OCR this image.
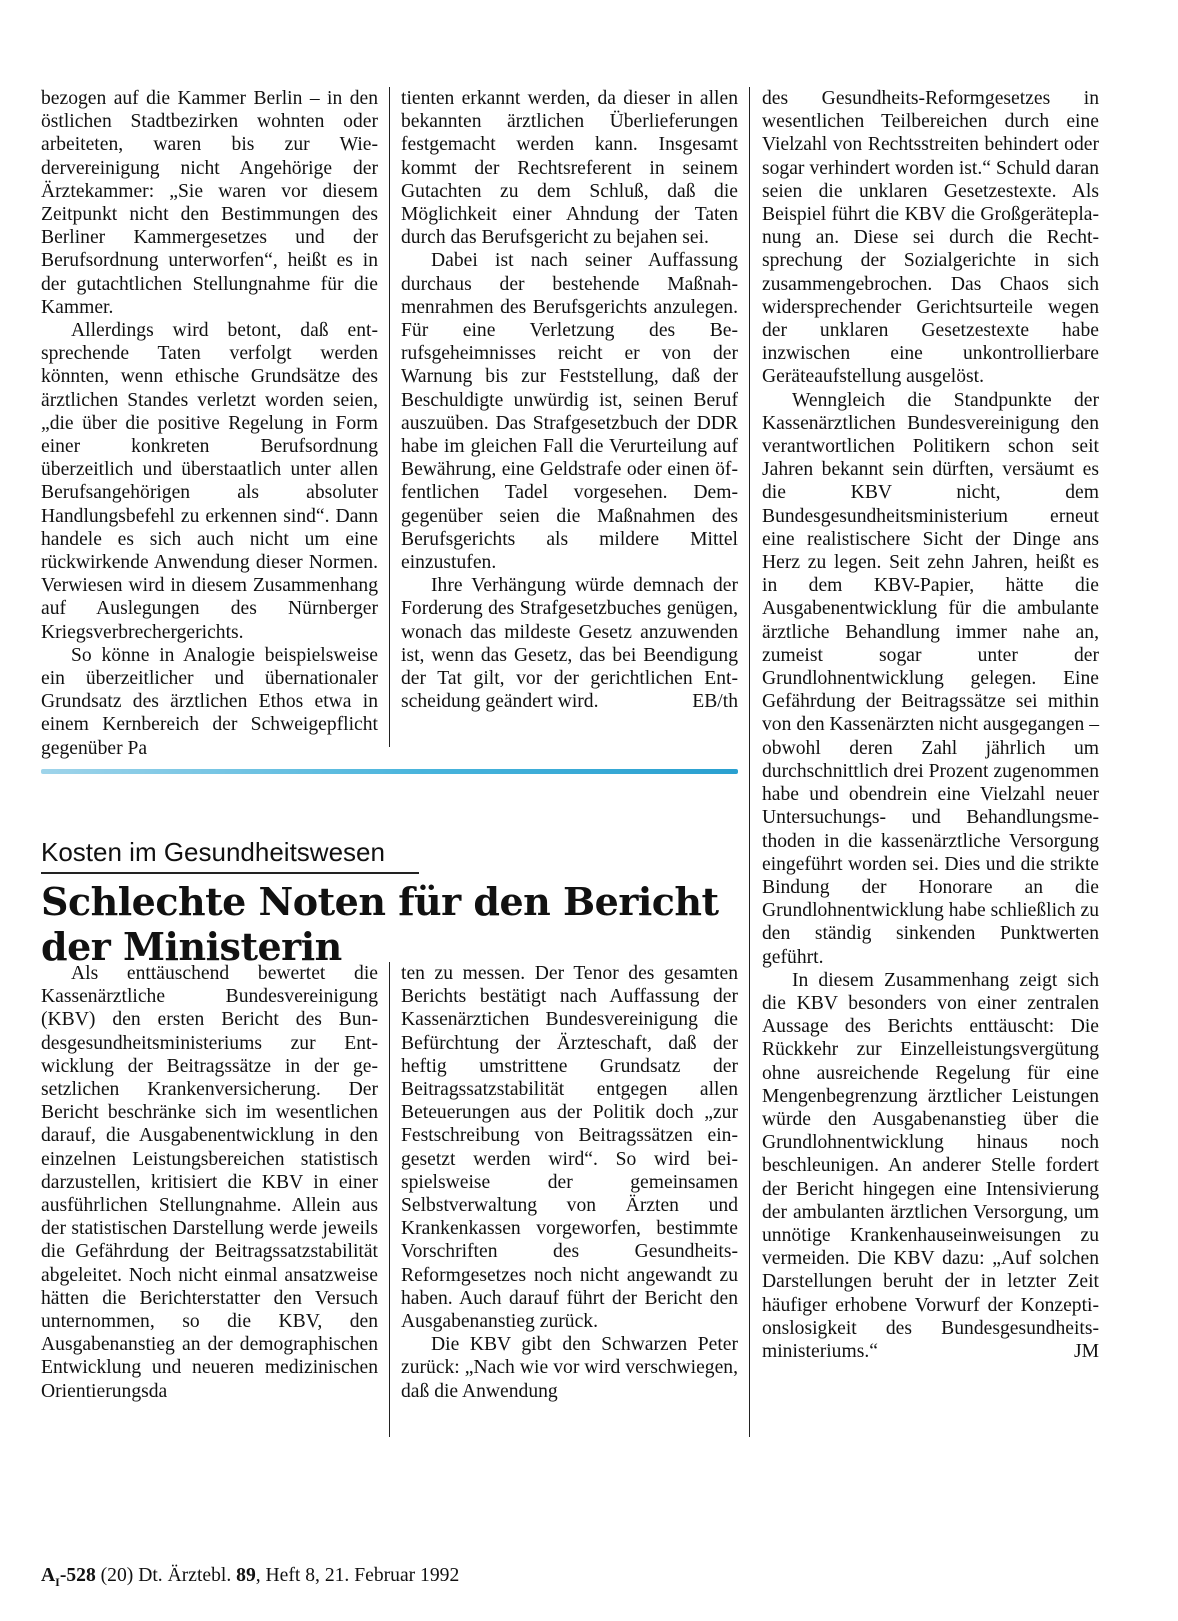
bezogen auf die Kammer Berlin – in den östlichen Stadtbezirken wohnten oder arbeiteten, waren bis zur Wiedervereinigung nicht Angehörige der Ärztekammer: „Sie waren vor diesem Zeitpunkt nicht den Bestimmungen des Berliner Kammergesetzes und der Berufsordnung unterworfen“, heißt es in der gutachtlichen Stellungnahme für die Kammer.

Allerdings wird betont, daß entsprechende Taten verfolgt werden könnten, wenn ethische Grundsätze des ärztlichen Standes verletzt worden seien, „die über die positive Regelung in Form einer konkreten Berufsordnung überzeitlich und überstaatlich unter allen Berufsangehörigen als absoluter Handlungsbefehl zu erkennen sind“. Dann handele es sich auch nicht um eine rückwirkende Anwendung dieser Normen. Verwiesen wird in diesem Zusammenhang auf Auslegungen des Nürnberger Kriegsverbrechergerichts.

So könne in Analogie beispielsweise ein überzeitlicher und übernationaler Grundsatz des ärztlichen Ethos etwa in einem Kernbereich der Schweigepflicht gegenüber Pa

tienten erkannt werden, da dieser in allen bekannten ärztlichen Überlieferungen festgemacht werden kann. Insgesamt kommt der Rechtsreferent in seinem Gutachten zu dem Schluß, daß die Möglichkeit einer Ahndung der Taten durch das Berufsgericht zu bejahen sei.

Dabei ist nach seiner Auffassung durchaus der bestehende Maßnahmenrahmen des Berufsgerichts anzulegen. Für eine Verletzung des Berufsgeheimnisses reicht er von der Warnung bis zur Feststellung, daß der Beschuldigte unwürdig ist, seinen Beruf auszuüben. Das Strafgesetzbuch der DDR habe im gleichen Fall die Verurteilung auf Bewährung, eine Geldstrafe oder einen öffentlichen Tadel vorgesehen. Demgegenüber seien die Maßnahmen des Berufsgerichts als mildere Mittel einzustufen.

Ihre Verhängung würde demnach der Forderung des Strafgesetzbuches genügen, wonach das mildeste Gesetz anzuwenden ist, wenn das Gesetz, das bei Beendigung der Tat gilt, vor der gerichtlichen Entscheidung geändert wird.	EB/th

Kosten im Gesundheitswesen

Schlechte Noten für den Bericht der Ministerin

Als enttäuschend bewertet die Kassenärztliche Bundesvereinigung (KBV) den ersten Bericht des Bundesgesundheitsministeriums zur Entwicklung der Beitragssätze in der gesetzlichen Krankenversicherung. Der Bericht beschränke sich im wesentlichen darauf, die Ausgabenentwicklung in den einzelnen Leistungsbereichen statistisch darzustellen, kritisiert die KBV in einer ausführlichen Stellungnahme. Allein aus der statistischen Darstellung werde jeweils die Gefährdung der Beitragssatzstabilität abgeleitet. Noch nicht einmal ansatzweise hätten die Berichterstatter den Versuch unternommen, so die KBV, den Ausgabenanstieg an der demographischen Entwicklung und neueren medizinischen Orientierungsda

ten zu messen. Der Tenor des gesamten Berichts bestätigt nach Auffassung der Kassenärztichen Bundesvereinigung die Befürchtung der Ärzteschaft, daß der heftig umstrittene Grundsatz der Beitragssatzstabilität entgegen allen Beteuerungen aus der Politik doch „zur Festschreibung von Beitragssätzen eingesetzt werden wird“. So wird beispielsweise der gemeinsamen Selbstverwaltung von Ärzten und Krankenkassen vorgeworfen, bestimmte Vorschriften des Gesundheits-Reformgesetzes noch nicht angewandt zu haben. Auch darauf führt der Bericht den Ausgabenanstieg zurück.

Die KBV gibt den Schwarzen Peter zurück: „Nach wie vor wird verschwiegen, daß die Anwendung

des Gesundheits-Reformgesetzes in wesentlichen Teilbereichen durch eine Vielzahl von Rechtsstreiten behindert oder sogar verhindert worden ist.“ Schuld daran seien die unklaren Gesetzestexte. Als Beispiel führt die KBV die Großgeräteplanung an. Diese sei durch die Rechtsprechung der Sozialgerichte in sich zusammengebrochen. Das Chaos sich widersprechender Gerichtsurteile wegen der unklaren Gesetzestexte habe inzwischen eine unkontrollierbare Geräteaufstellung ausgelöst.

Wenngleich die Standpunkte der Kassenärztlichen Bundesvereinigung den verantwortlichen Politikern schon seit Jahren bekannt sein dürften, versäumt es die KBV nicht, dem Bundesgesundheitsministerium erneut eine realistischere Sicht der Dinge ans Herz zu legen. Seit zehn Jahren, heißt es in dem KBV-Papier, hätte die Ausgabenentwicklung für die ambulante ärztliche Behandlung immer nahe an, zumeist sogar unter der Grundlohnentwicklung gelegen. Eine Gefährdung der Beitragssätze sei mithin von den Kassenärzten nicht ausgegangen – obwohl deren Zahl jährlich um durchschnittlich drei Prozent zugenommen habe und obendrein eine Vielzahl neuer Untersuchungs- und Behandlungsmethoden in die kassenärztliche Versorgung eingeführt worden sei. Dies und die strikte Bindung der Honorare an die Grundlohnentwicklung habe schließlich zu den ständig sinkenden Punktwerten geführt.

In diesem Zusammenhang zeigt sich die KBV besonders von einer zentralen Aussage des Berichts enttäuscht: Die Rückkehr zur Einzelleistungsvergütung ohne ausreichende Regelung für eine Mengenbegrenzung ärztlicher Leistungen würde den Ausgabenanstieg über die Grundlohnentwicklung hinaus noch beschleunigen. An anderer Stelle fordert der Bericht hingegen eine Intensivierung der ambulanten ärztlichen Versorgung, um unnötige Krankenhauseinweisungen zu vermeiden. Die KBV dazu: „Auf solchen Darstellungen beruht der in letzter Zeit häufiger erhobene Vorwurf der Konzeptionslosigkeit des Bundesgesundheitsministeriums.“	JM

$A_I-528$ (20) Dt. Ärztebl. 89, Heft 8, 21. Februar 1992
